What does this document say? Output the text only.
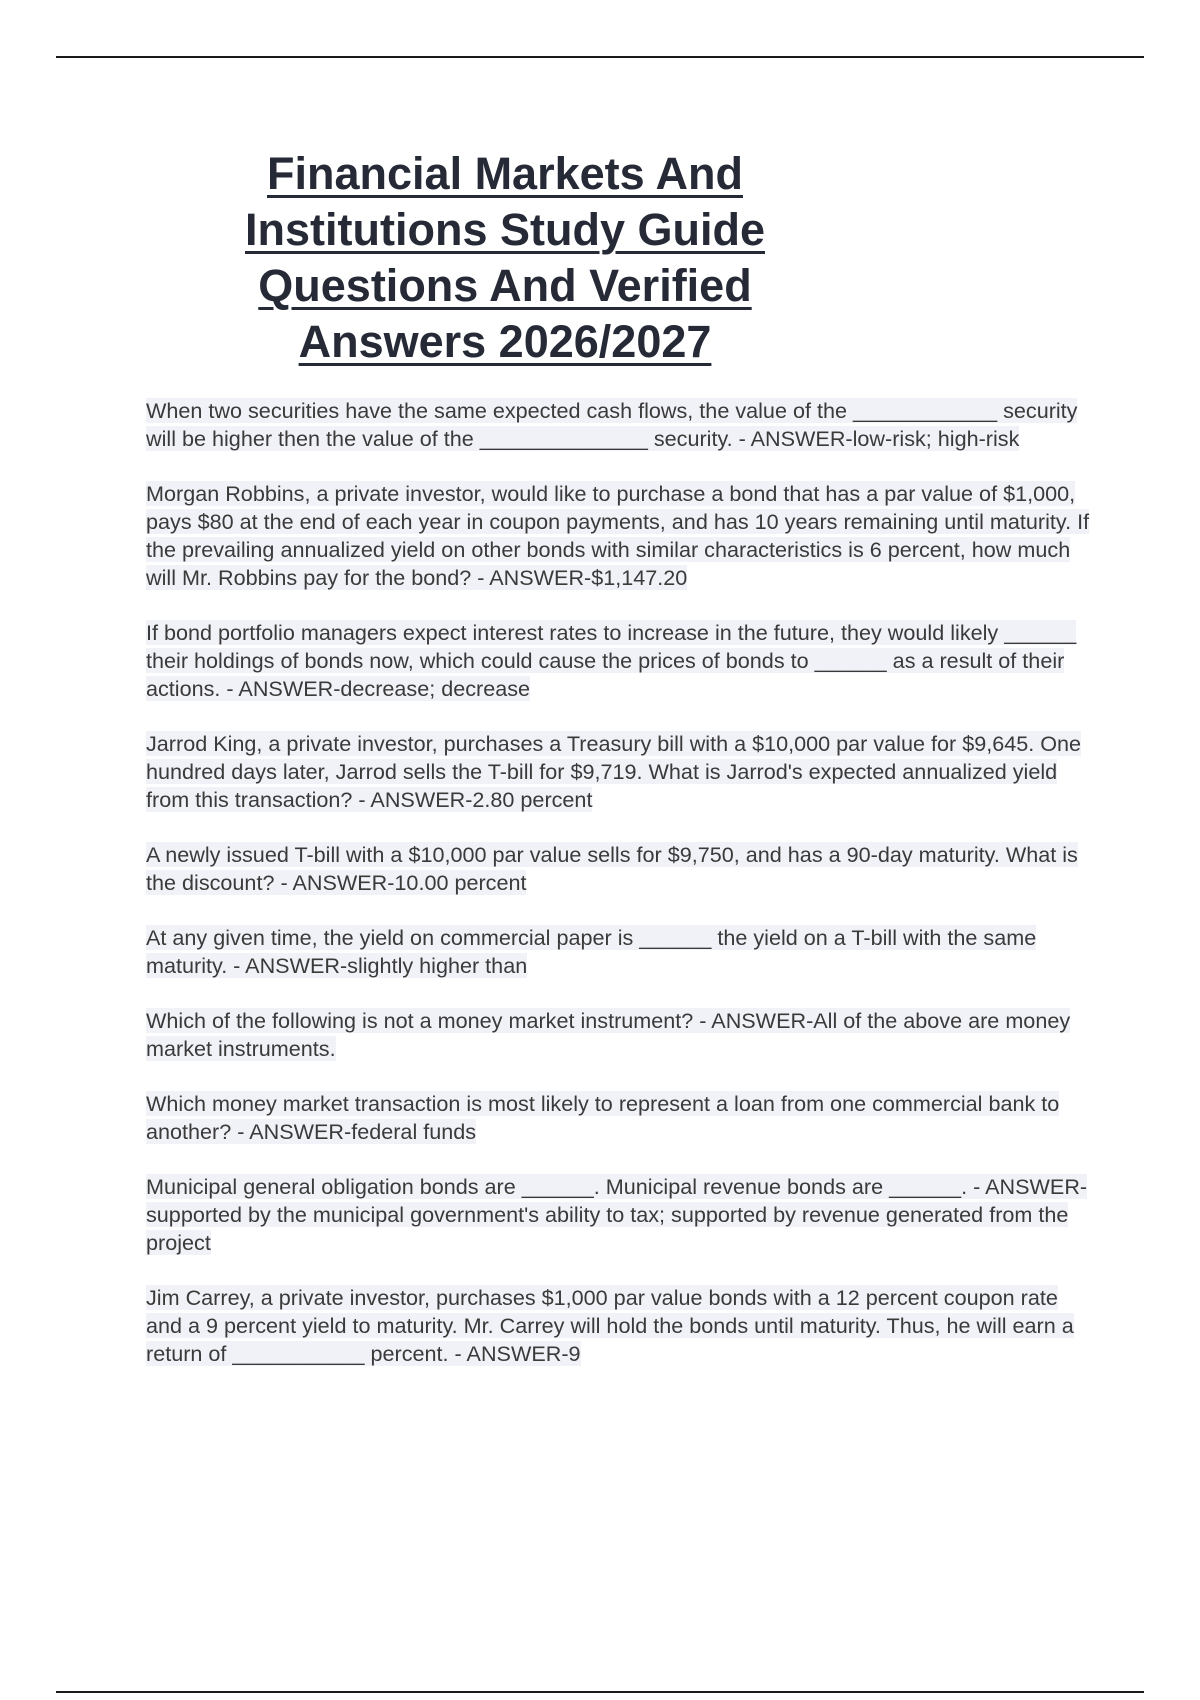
Financial Markets And
Institutions Study Guide
Questions And Verified
Answers 2026/2027

When two securities have the same expected cash flows, the value of the ____________ security will be higher then the value of the ______________ security. - ANSWER-low-risk; high-risk

Morgan Robbins, a private investor, would like to purchase a bond that has a par value of $1,000, pays $80 at the end of each year in coupon payments, and has 10 years remaining until maturity. If the prevailing annualized yield on other bonds with similar characteristics is 6 percent, how much will Mr. Robbins pay for the bond? - ANSWER-$1,147.20

If bond portfolio managers expect interest rates to increase in the future, they would likely ______ their holdings of bonds now, which could cause the prices of bonds to ______ as a result of their actions. - ANSWER-decrease; decrease

Jarrod King, a private investor, purchases a Treasury bill with a $10,000 par value for $9,645. One hundred days later, Jarrod sells the T-bill for $9,719. What is Jarrod's expected annualized yield from this transaction? - ANSWER-2.80 percent

A newly issued T-bill with a $10,000 par value sells for $9,750, and has a 90-day maturity. What is the discount? - ANSWER-10.00 percent

At any given time, the yield on commercial paper is ______ the yield on a T-bill with the same maturity. - ANSWER-slightly higher than

Which of the following is not a money market instrument? - ANSWER-All of the above are money market instruments.

Which money market transaction is most likely to represent a loan from one commercial bank to another? - ANSWER-federal funds

Municipal general obligation bonds are ______. Municipal revenue bonds are ______. - ANSWER-supported by the municipal government's ability to tax; supported by revenue generated from the project

Jim Carrey, a private investor, purchases $1,000 par value bonds with a 12 percent coupon rate and a 9 percent yield to maturity. Mr. Carrey will hold the bonds until maturity. Thus, he will earn a return of ___________ percent. - ANSWER-9
